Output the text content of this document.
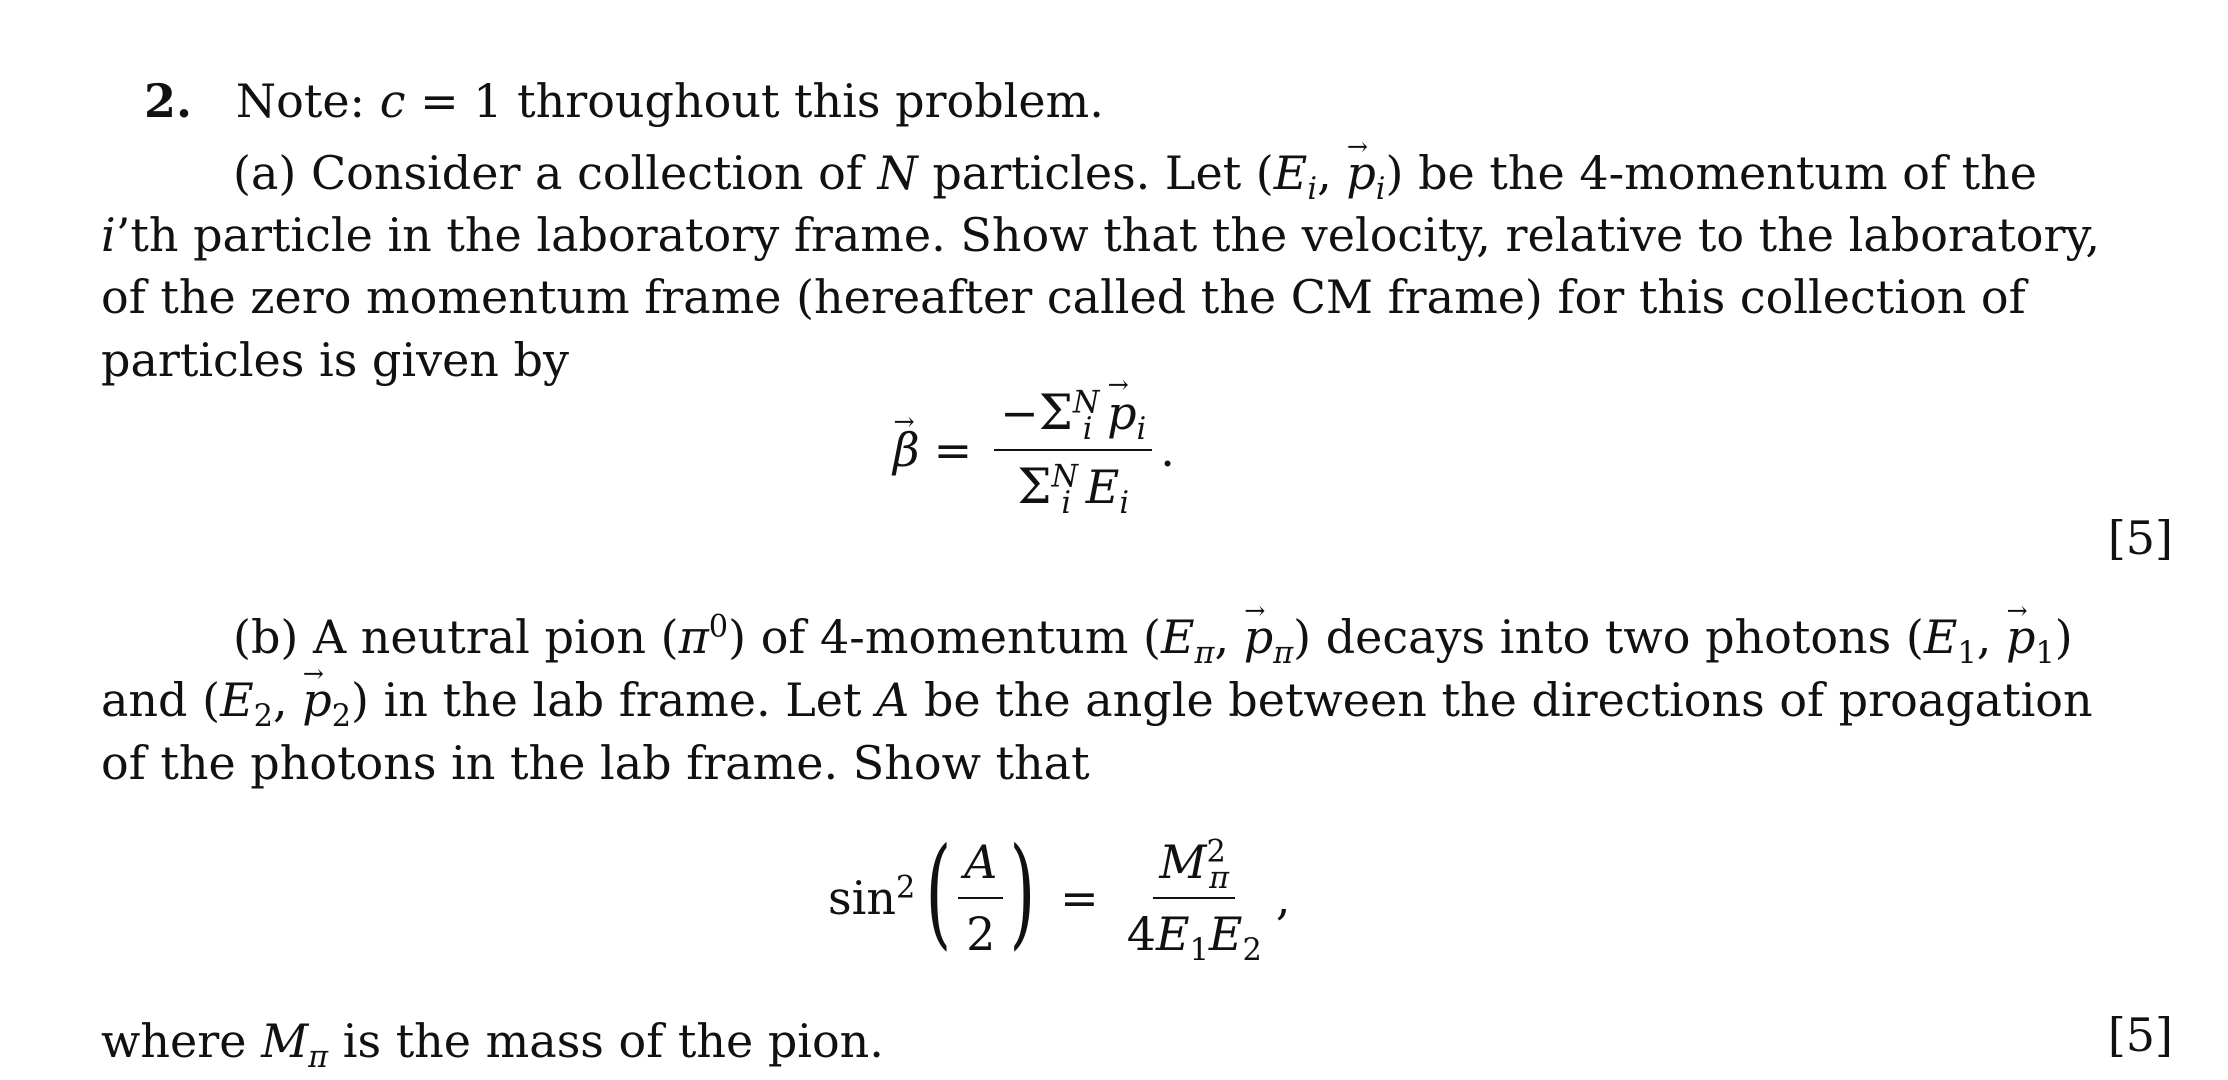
2. Note: c = 1 throughout this problem.
(a) Consider a collection of N particles. Let ($E_i$, → $p_i$) be the 4-momentum of the
i’th particle in the laboratory frame. Show that the velocity, relative to the laboratory,
of the zero momentum frame (hereafter called the CM frame) for this collection of
particles is given by
→ $\beta = \frac{-\Sigma^N_i \to p_i}{\Sigma^N_i E_i}$ .
[5]
(b) A neutral pion $(\pi^0)$ of 4-momentum ($E_\pi$, → $p_\pi$) decays into two photons ($E_1$, → $p_1$)
and ($E_2$, → $p_2$) in the lab frame. Let A be the angle between the directions of proagation
of the photons in the lab frame. Show that
$\sin^2$ ( $\frac{A}{2}$ ) = $\frac{M^2_\pi}{4E_1E_2}$ ,
where $M_\pi$ is the mass of the pion.	[5]
